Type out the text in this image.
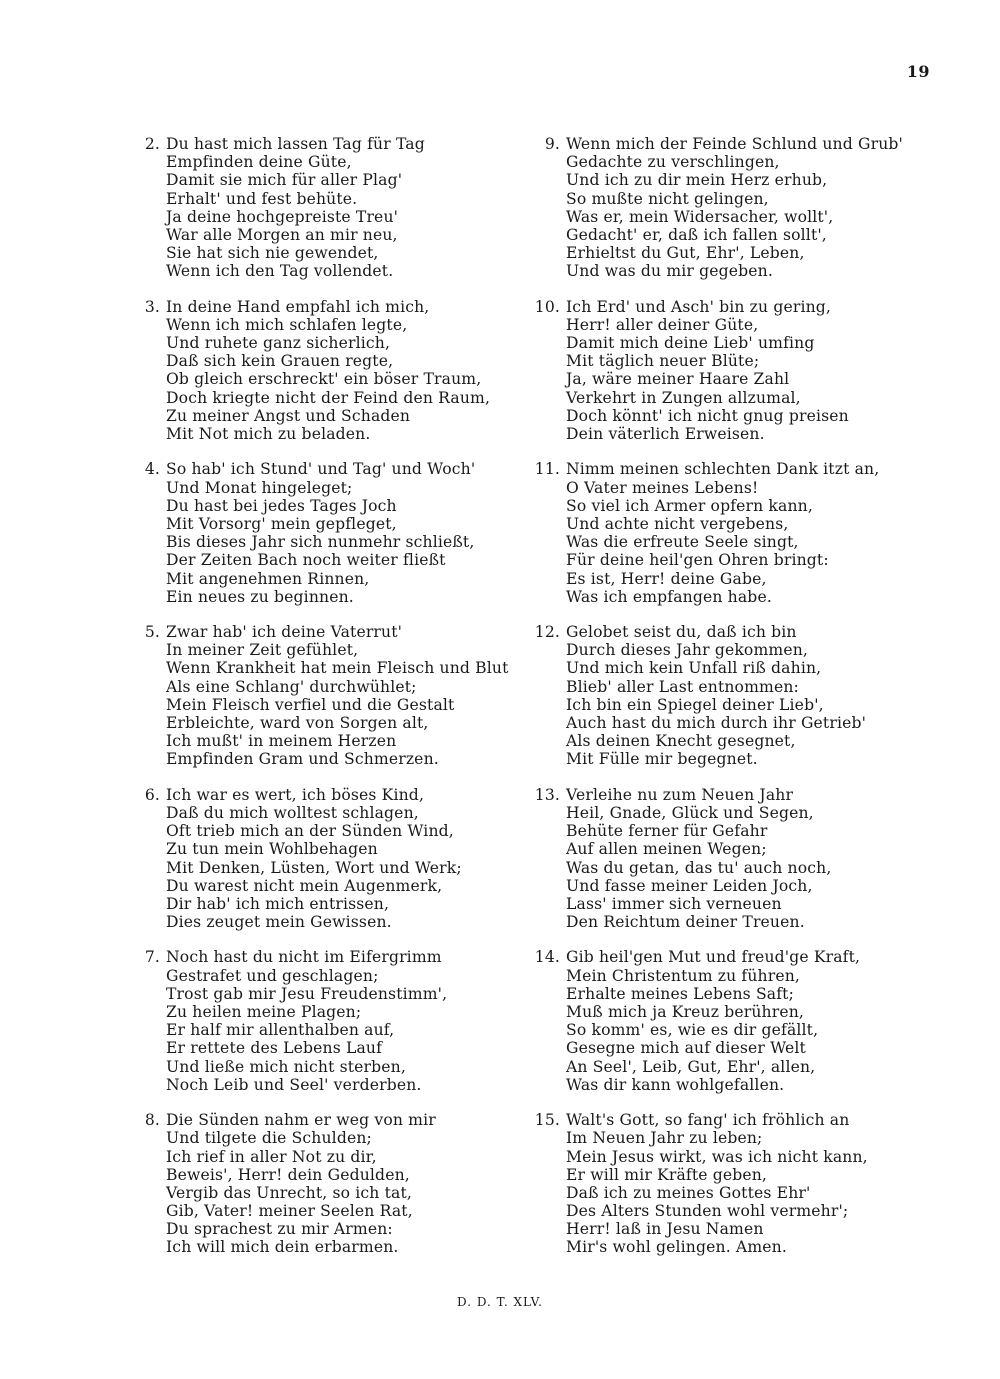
19
2. Du hast mich lassen Tag für Tag
Empfinden deine Güte,
Damit sie mich für aller Plag'
Erhalt' und fest behüte.
Ja deine hochgepreiste Treu'
War alle Morgen an mir neu,
Sie hat sich nie gewendet,
Wenn ich den Tag vollendet.
3. In deine Hand empfahl ich mich,
Wenn ich mich schlafen legte,
Und ruhete ganz sicherlich,
Daß sich kein Grauen regte,
Ob gleich erschreckt' ein böser Traum,
Doch kriegte nicht der Feind den Raum,
Zu meiner Angst und Schaden
Mit Not mich zu beladen.
4. So hab' ich Stund' und Tag' und Woch'
Und Monat hingeleget;
Du hast bei jedes Tages Joch
Mit Vorsorg' mein gepfleget,
Bis dieses Jahr sich nunmehr schließt,
Der Zeiten Bach noch weiter fließt
Mit angenehmen Rinnen,
Ein neues zu beginnen.
5. Zwar hab' ich deine Vaterrut'
In meiner Zeit gefühlet,
Wenn Krankheit hat mein Fleisch und Blut
Als eine Schlang' durchwühlet;
Mein Fleisch verfiel und die Gestalt
Erbleichte, ward von Sorgen alt,
Ich mußt' in meinem Herzen
Empfinden Gram und Schmerzen.
6. Ich war es wert, ich böses Kind,
Daß du mich wolltest schlagen,
Oft trieb mich an der Sünden Wind,
Zu tun mein Wohlbehagen
Mit Denken, Lüsten, Wort und Werk;
Du warest nicht mein Augenmerk,
Dir hab' ich mich entrissen,
Dies zeuget mein Gewissen.
7. Noch hast du nicht im Eifergrimm
Gestrafet und geschlagen;
Trost gab mir Jesu Freudenstimm',
Zu heilen meine Plagen;
Er half mir allenthalben auf,
Er rettete des Lebens Lauf
Und ließe mich nicht sterben,
Noch Leib und Seel' verderben.
8. Die Sünden nahm er weg von mir
Und tilgete die Schulden;
Ich rief in aller Not zu dir,
Beweis', Herr! dein Gedulden,
Vergib das Unrecht, so ich tat,
Gib, Vater! meiner Seelen Rat,
Du sprachest zu mir Armen:
Ich will mich dein erbarmen.
9. Wenn mich der Feinde Schlund und Grub'
Gedachte zu verschlingen,
Und ich zu dir mein Herz erhub,
So mußte nicht gelingen,
Was er, mein Widersacher, wollt',
Gedacht' er, daß ich fallen sollt',
Erhieltst du Gut, Ehr', Leben,
Und was du mir gegeben.
10. Ich Erd' und Asch' bin zu gering,
Herr! aller deiner Güte,
Damit mich deine Lieb' umfing
Mit täglich neuer Blüte;
Ja, wäre meiner Haare Zahl
Verkehrt in Zungen allzumal,
Doch könnt' ich nicht gnug preisen
Dein väterlich Erweisen.
11. Nimm meinen schlechten Dank itzt an,
O Vater meines Lebens!
So viel ich Armer opfern kann,
Und achte nicht vergebens,
Was die erfreute Seele singt,
Für deine heil'gen Ohren bringt:
Es ist, Herr! deine Gabe,
Was ich empfangen habe.
12. Gelobet seist du, daß ich bin
Durch dieses Jahr gekommen,
Und mich kein Unfall riß dahin,
Blieb' aller Last entnommen:
Ich bin ein Spiegel deiner Lieb',
Auch hast du mich durch ihr Getrieb'
Als deinen Knecht gesegnet,
Mit Fülle mir begegnet.
13. Verleihe nu zum Neuen Jahr
Heil, Gnade, Glück und Segen,
Behüte ferner für Gefahr
Auf allen meinen Wegen;
Was du getan, das tu' auch noch,
Und fasse meiner Leiden Joch,
Lass' immer sich verneuen
Den Reichtum deiner Treuen.
14. Gib heil'gen Mut und freud'ge Kraft,
Mein Christentum zu führen,
Erhalte meines Lebens Saft;
Muß mich ja Kreuz berühren,
So komm' es, wie es dir gefällt,
Gesegne mich auf dieser Welt
An Seel', Leib, Gut, Ehr', allen,
Was dir kann wohlgefallen.
15. Walt's Gott, so fang' ich fröhlich an
Im Neuen Jahr zu leben;
Mein Jesus wirkt, was ich nicht kann,
Er will mir Kräfte geben,
Daß ich zu meines Gottes Ehr'
Des Alters Stunden wohl vermehr';
Herr! laß in Jesu Namen
Mir's wohl gelingen. Amen.
D. D. T. XLV.
